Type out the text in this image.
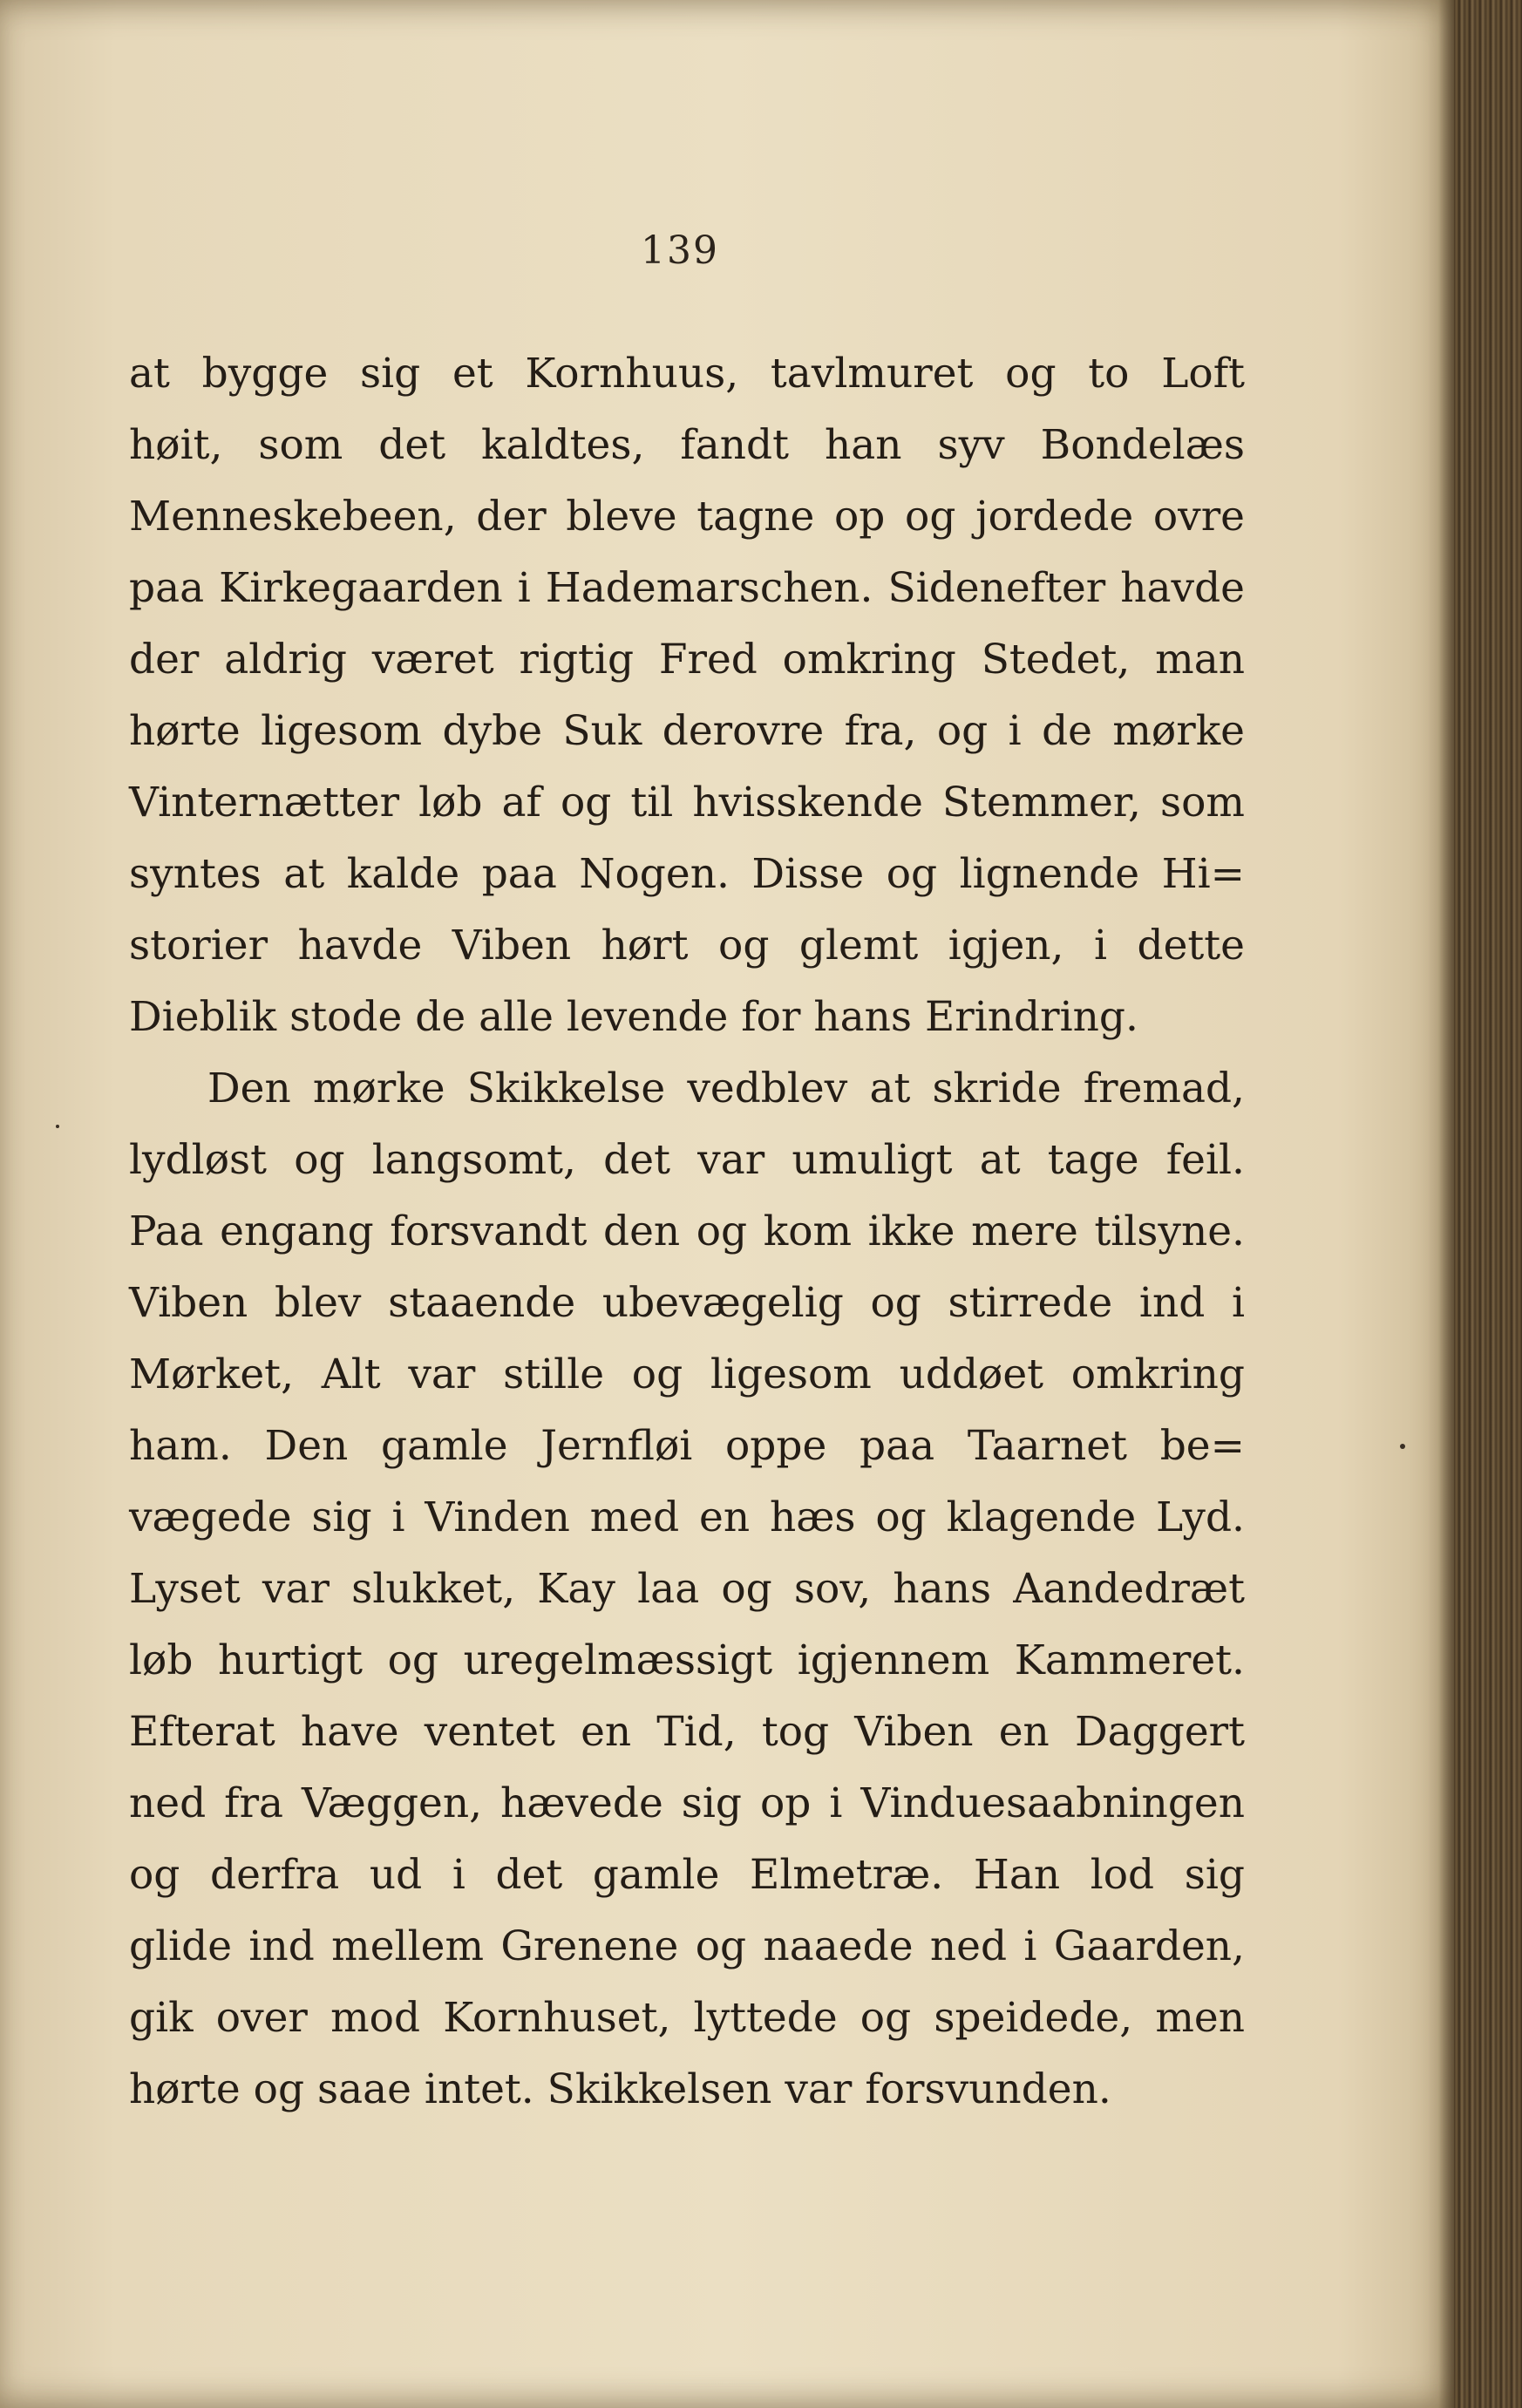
139
at bygge sig et Kornhuus, tavlmuret og to Loft
høit, som det kaldtes, fandt han syv Bondelæs
Menneskebeen, der bleve tagne op og jordede ovre
paa Kirkegaarden i Hademarschen. Sidenefter havde
der aldrig været rigtig Fred omkring Stedet, man
hørte ligesom dybe Suk derovre fra, og i de mørke
Vinternætter løb af og til hvisskende Stemmer, som
syntes at kalde paa Nogen. Disse og lignende Hi=
storier havde Viben hørt og glemt igjen, i dette
Dieblik stode de alle levende for hans Erindring.
Den mørke Skikkelse vedblev at skride fremad,
lydløst og langsomt, det var umuligt at tage feil.
Paa engang forsvandt den og kom ikke mere tilsyne.
Viben blev staaende ubevægelig og stirrede ind i
Mørket, Alt var stille og ligesom uddøet omkring
ham. Den gamle Jernfløi oppe paa Taarnet be=
vægede sig i Vinden med en hæs og klagende Lyd.
Lyset var slukket, Kay laa og sov, hans Aandedræt
løb hurtigt og uregelmæssigt igjennem Kammeret.
Efterat have ventet en Tid, tog Viben en Daggert
ned fra Væggen, hævede sig op i Vinduesaabningen
og derfra ud i det gamle Elmetræ. Han lod sig
glide ind mellem Grenene og naaede ned i Gaarden,
gik over mod Kornhuset, lyttede og speidede, men
hørte og saae intet. Skikkelsen var forsvunden.
